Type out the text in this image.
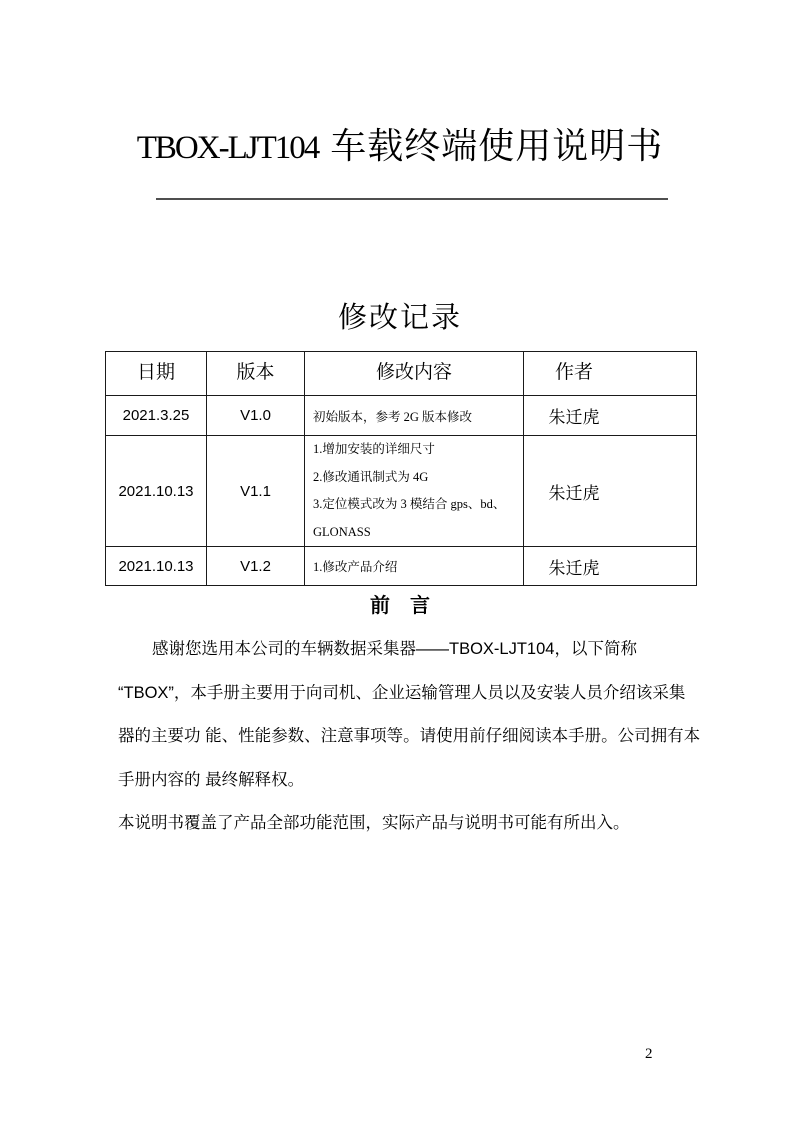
TBOX-LJT104 车载终端使用说明书
修改记录
日期	版本	修改内容	作者
2021.3.25	V1.0	初始版本，参考 2G 版本修改	朱迁虎
2021.10.13	V1.1	1.增加安装的详细尺寸
2.修改通讯制式为 4G
3.定位模式改为 3 模结合 gps、bd、GLONASS	朱迁虎
2021.10.13	V1.2	1.修改产品介绍	朱迁虎
前　言
感谢您选用本公司的车辆数据采集器——TBOX-LJT104，以下简称
“TBOX”，本手册主要用于向司机、企业运输管理人员以及安装人员介绍该采集
器的主要功 能、性能参数、注意事项等。请使用前仔细阅读本手册。公司拥有本
手册内容的 最终解释权。
本说明书覆盖了产品全部功能范围，实际产品与说明书可能有所出入。
2
